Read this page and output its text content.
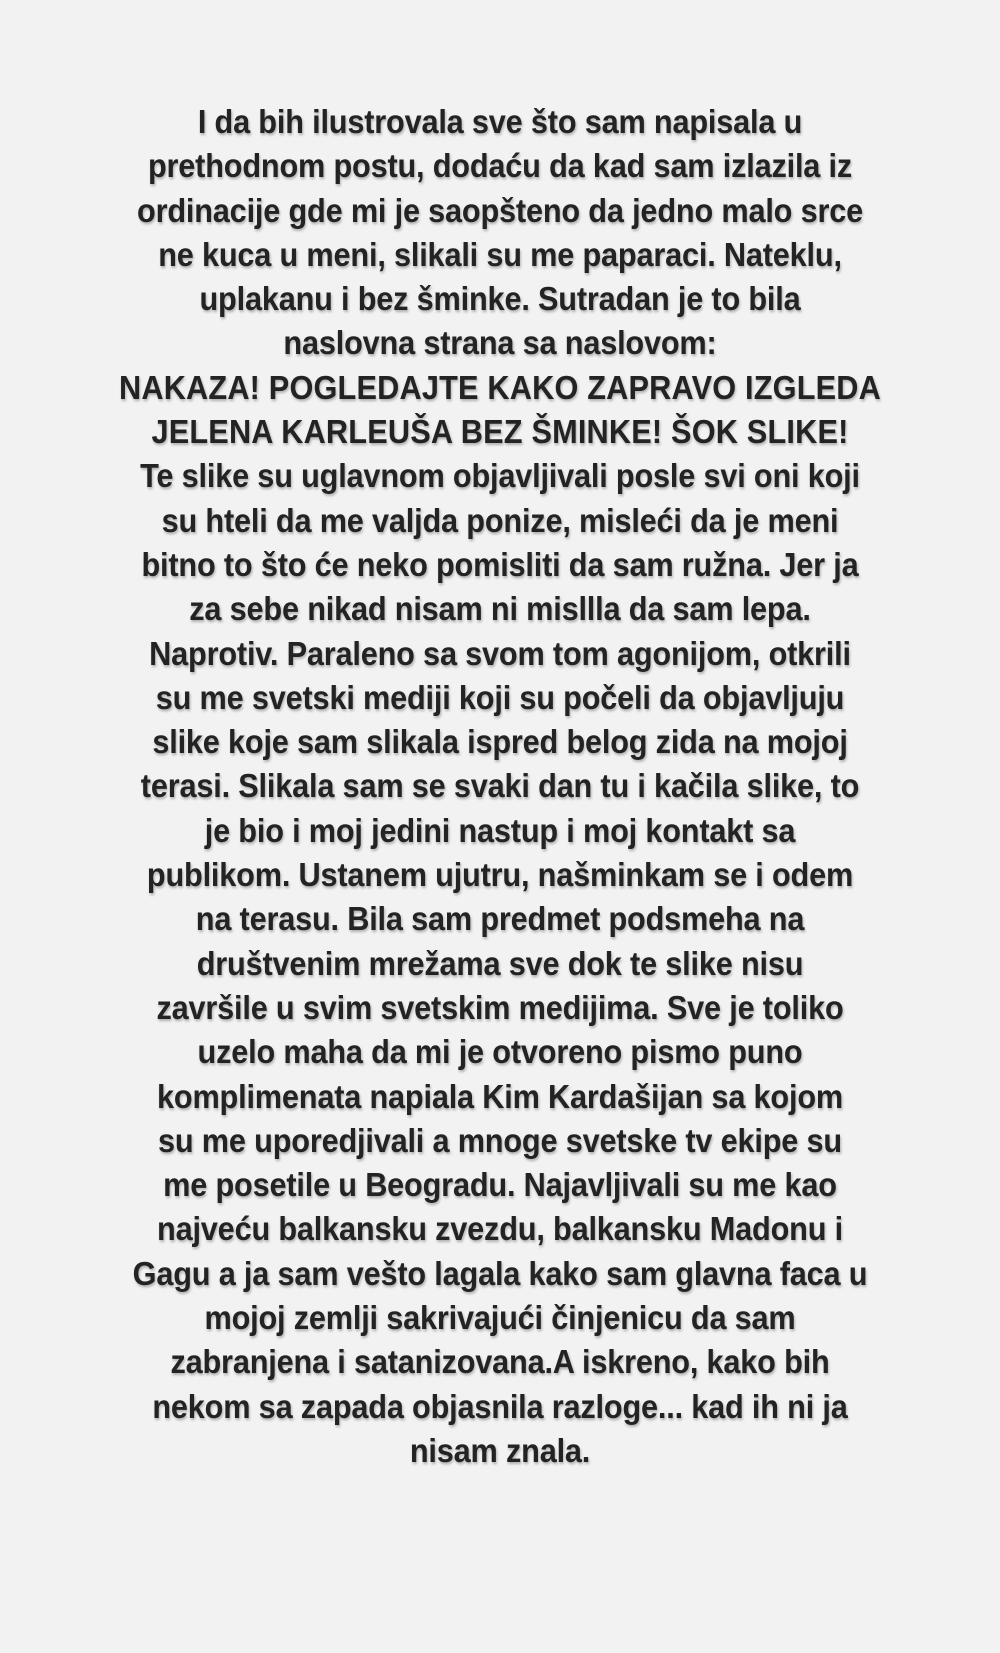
I da bih ilustrovala sve što sam napisala u
prethodnom postu, dodaću da kad sam izlazila iz
ordinacije gde mi je saopšteno da jedno malo srce
ne kuca u meni, slikali su me paparaci. Nateklu,
uplakanu i bez šminke. Sutradan je to bila
naslovna strana sa naslovom:
NAKAZA! POGLEDAJTE KAKO ZAPRAVO IZGLEDA
JELENA KARLEUŠA BEZ ŠMINKE! ŠOK SLIKE!
Te slike su uglavnom objavljivali posle svi oni koji
su hteli da me valjda ponize, misleći da je meni
bitno to što će neko pomisliti da sam ružna. Jer ja
za sebe nikad nisam ni misllla da sam lepa.
Naprotiv. Paraleno sa svom tom agonijom, otkrili
su me svetski mediji koji su počeli da objavljuju
slike koje sam slikala ispred belog zida na mojoj
terasi. Slikala sam se svaki dan tu i kačila slike, to
je bio i moj jedini nastup i moj kontakt sa
publikom. Ustanem ujutru, našminkam se i odem
na terasu. Bila sam predmet podsmeha na
društvenim mrežama sve dok te slike nisu
završile u svim svetskim medijima. Sve je toliko
uzelo maha da mi je otvoreno pismo puno
komplimenata napiala Kim Kardašijan sa kojom
su me uporedjivali a mnoge svetske tv ekipe su
me posetile u Beogradu. Najavljivali su me kao
najveću balkansku zvezdu, balkansku Madonu i
Gagu a ja sam vešto lagala kako sam glavna faca u
mojoj zemlji sakrivajući činjenicu da sam
zabranjena i satanizovana.A iskreno, kako bih
nekom sa zapada objasnila razloge... kad ih ni ja
nisam znala.
